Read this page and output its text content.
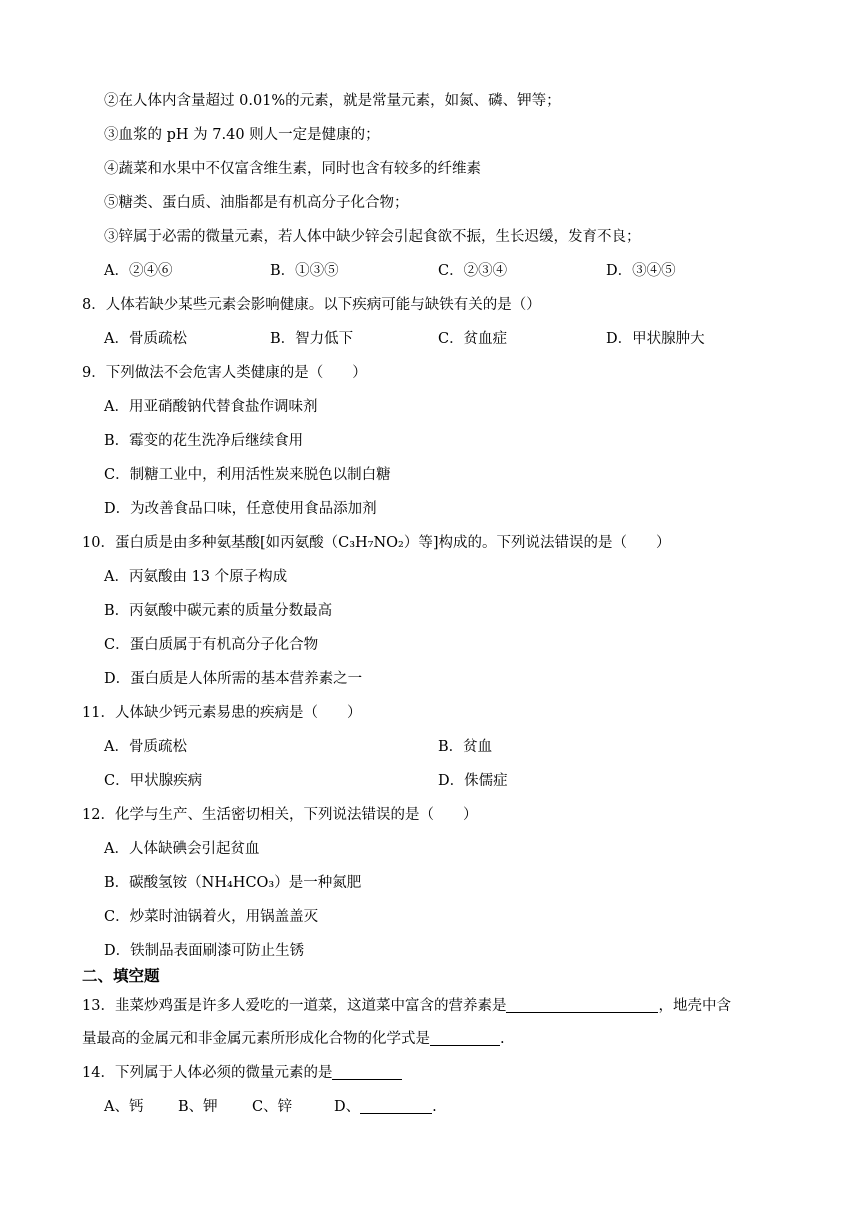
②在人体内含量超过 0.01%的元素，就是常量元素，如氮、磷、钾等；
③血浆的 pH 为 7.40 则人一定是健康的；
④蔬菜和水果中不仅富含维生素，同时也含有较多的纤维素
⑤糖类、蛋白质、油脂都是有机高分子化合物；
③锌属于必需的微量元素，若人体中缺少锌会引起食欲不振，生长迟缓，发育不良；
A．②④⑥	B．①③⑤	C．②③④	D．③④⑤
8．人体若缺少某些元素会影响健康。以下疾病可能与缺铁有关的是（）
A．骨质疏松	B．智力低下	C．贫血症	D．甲状腺肿大
9．下列做法不会危害人类健康的是（　　）
A．用亚硝酸钠代替食盐作调味剂
B．霉变的花生洗净后继续食用
C．制糖工业中，利用活性炭来脱色以制白糖
D．为改善食品口味，任意使用食品添加剂
10．蛋白质是由多种氨基酸[如丙氨酸（C₃H₇NO₂）等]构成的。下列说法错误的是（　　）
A．丙氨酸由 13 个原子构成
B．丙氨酸中碳元素的质量分数最高
C．蛋白质属于有机高分子化合物
D．蛋白质是人体所需的基本营养素之一
11．人体缺少钙元素易患的疾病是（　　）
A．骨质疏松	B．贫血
C．甲状腺疾病	D．侏儒症
12．化学与生产、生活密切相关，下列说法错误的是（　　）
A．人体缺碘会引起贫血
B．碳酸氢铵（NH₄HCO₃）是一种氮肥
C．炒菜时油锅着火，用锅盖盖灭
D．铁制品表面刷漆可防止生锈
二、填空题
13．韭菜炒鸡蛋是许多人爱吃的一道菜，这道菜中富含的营养素是	，地壳中含
量最高的金属元和非金属元素所形成化合物的化学式是	.
14．下列属于人体必须的微量元素的是
A、钙 B、钾 C、锌	D、	.
